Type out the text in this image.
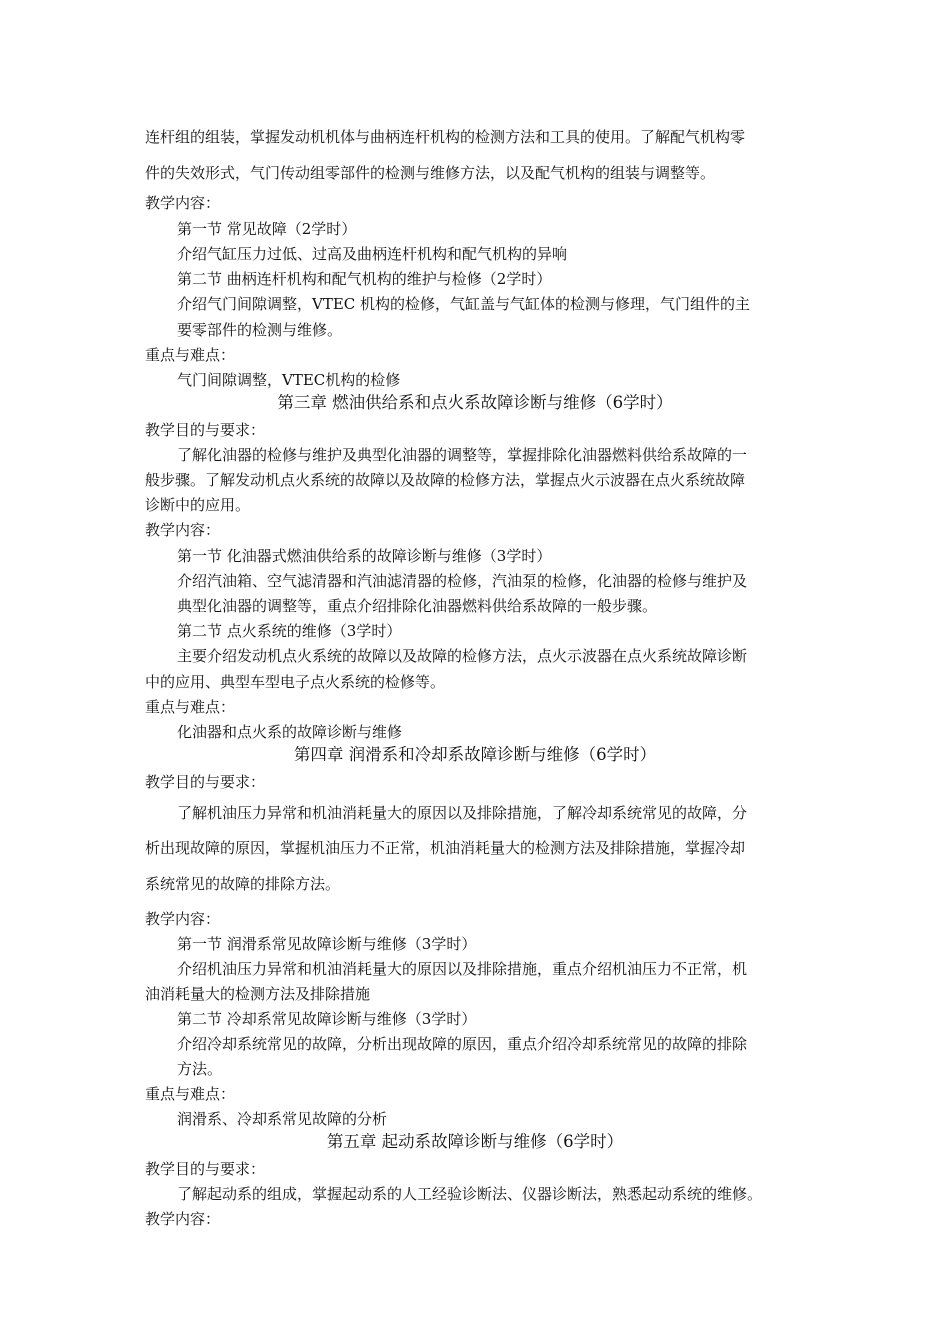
连杆组的组装，掌握发动机机体与曲柄连杆机构的检测方法和工具的使用。了解配气机构零
件的失效形式，气门传动组零部件的检测与维修方法，以及配气机构的组装与调整等。
教学内容：
第一节 常见故障（2学时）
介绍气缸压力过低、过高及曲柄连杆机构和配气机构的异响
第二节 曲柄连杆机构和配气机构的维护与检修（2学时）
介绍气门间隙调整，VTEC 机构的检修，气缸盖与气缸体的检测与修理，气门组件的主
要零部件的检测与维修。
重点与难点：
气门间隙调整，VTEC机构的检修
第三章 燃油供给系和点火系故障诊断与维修（6学时）
教学目的与要求：
了解化油器的检修与维护及典型化油器的调整等，掌握排除化油器燃料供给系故障的一
般步骤。了解发动机点火系统的故障以及故障的检修方法，掌握点火示波器在点火系统故障
诊断中的应用。
教学内容：
第一节 化油器式燃油供给系的故障诊断与维修（3学时）
介绍汽油箱、空气滤清器和汽油滤清器的检修，汽油泵的检修，化油器的检修与维护及
典型化油器的调整等，重点介绍排除化油器燃料供给系故障的一般步骤。
第二节 点火系统的维修（3学时）
主要介绍发动机点火系统的故障以及故障的检修方法，点火示波器在点火系统故障诊断
中的应用、典型车型电子点火系统的检修等。
重点与难点：
化油器和点火系的故障诊断与维修
第四章 润滑系和冷却系故障诊断与维修（6学时）
教学目的与要求：
了解机油压力异常和机油消耗量大的原因以及排除措施，了解冷却系统常见的故障，分
析出现故障的原因，掌握机油压力不正常，机油消耗量大的检测方法及排除措施，掌握冷却
系统常见的故障的排除方法。
教学内容：
第一节 润滑系常见故障诊断与维修（3学时）
介绍机油压力异常和机油消耗量大的原因以及排除措施，重点介绍机油压力不正常，机
油消耗量大的检测方法及排除措施
第二节 冷却系常见故障诊断与维修（3学时）
介绍冷却系统常见的故障，分析出现故障的原因，重点介绍冷却系统常见的故障的排除
方法。
重点与难点：
润滑系、冷却系常见故障的分析
第五章 起动系故障诊断与维修（6学时）
教学目的与要求：
了解起动系的组成，掌握起动系的人工经验诊断法、仪器诊断法，熟悉起动系统的维修。
教学内容：
